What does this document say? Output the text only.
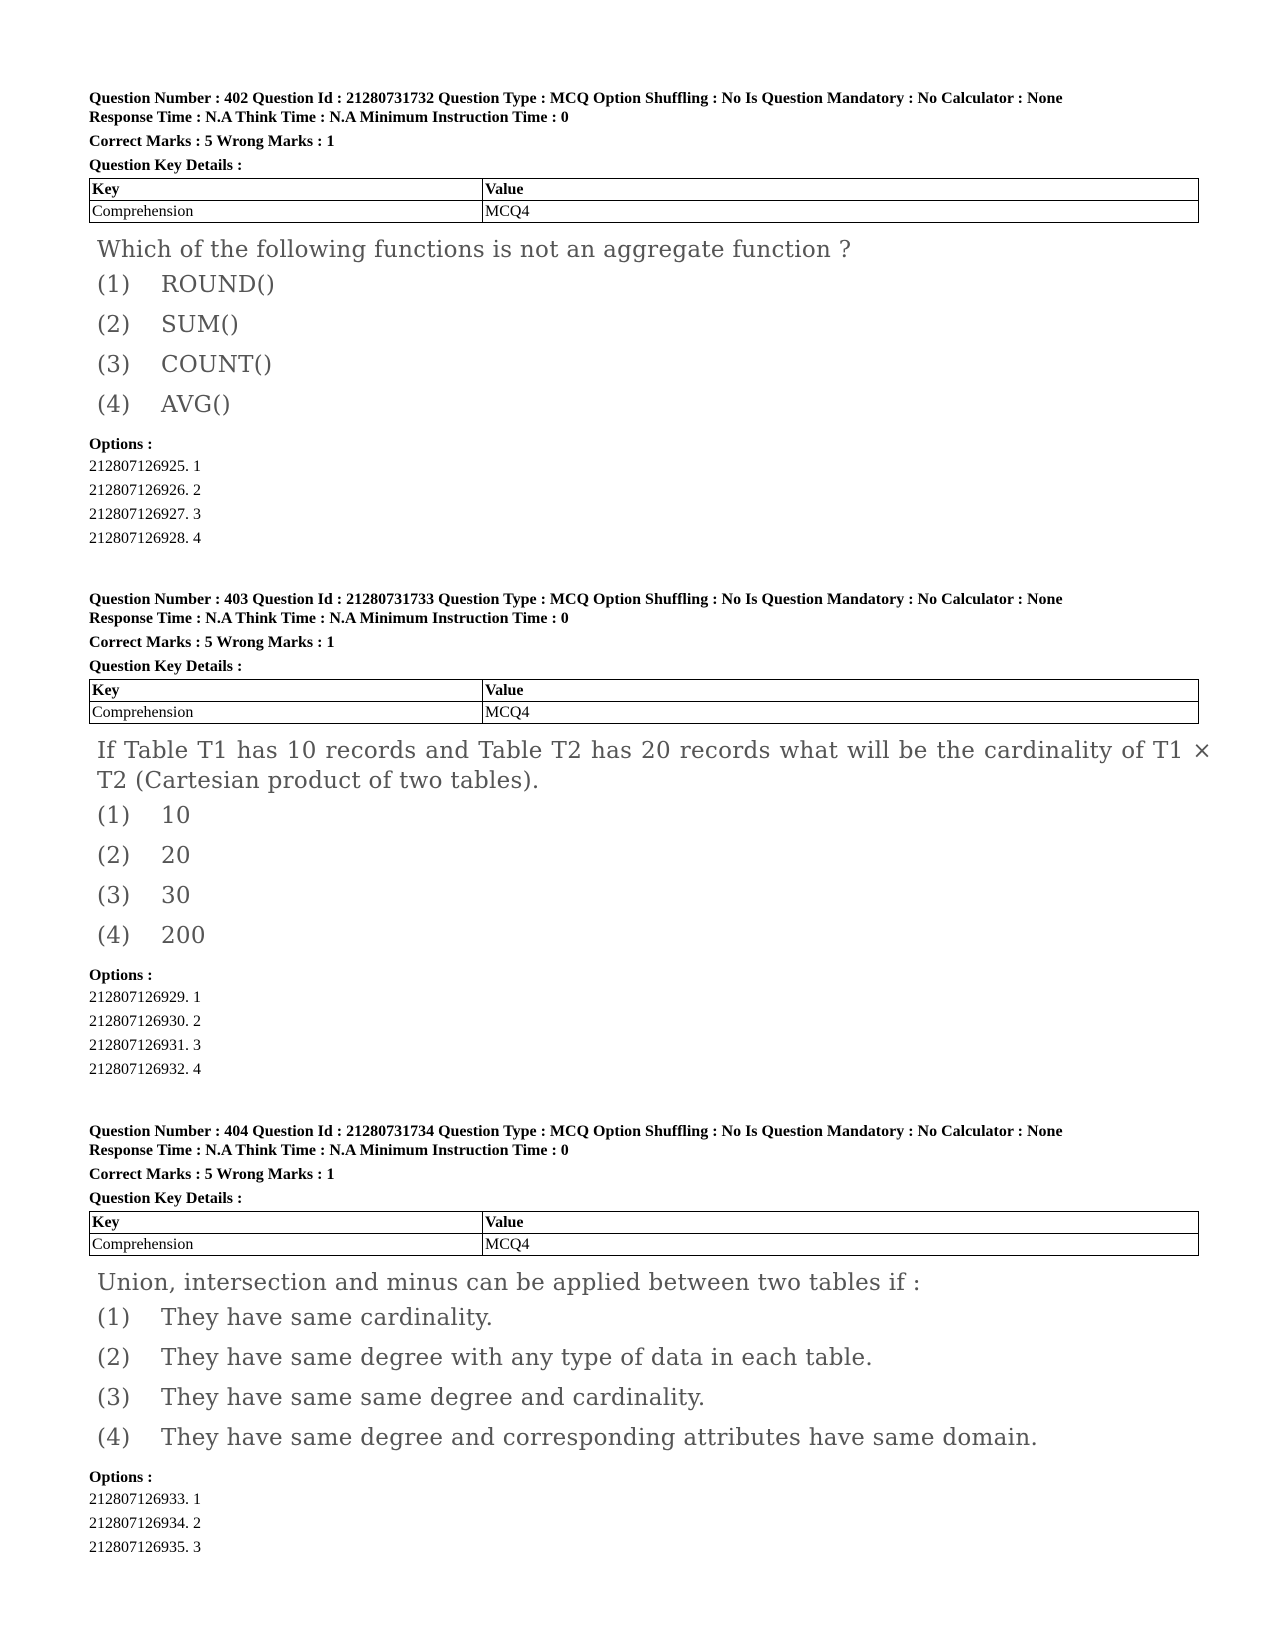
Question Number : 402 Question Id : 21280731732 Question Type : MCQ Option Shuffling : No Is Question Mandatory : No Calculator : None
Response Time : N.A Think Time : N.A Minimum Instruction Time : 0
Correct Marks : 5 Wrong Marks : 1
Question Key Details :
Key	Value
Comprehension	MCQ4
Which of the following functions is not an aggregate function ?
(1)	ROUND()
(2)	SUM()
(3)	COUNT()
(4)	AVG()
Options :
212807126925. 1
212807126926. 2
212807126927. 3
212807126928. 4
Question Number : 403 Question Id : 21280731733 Question Type : MCQ Option Shuffling : No Is Question Mandatory : No Calculator : None
Response Time : N.A Think Time : N.A Minimum Instruction Time : 0
Correct Marks : 5 Wrong Marks : 1
Question Key Details :
Key	Value
Comprehension	MCQ4
If Table T1 has 10 records and Table T2 has 20 records what will be the cardinality of T1 × T2 (Cartesian product of two tables).
(1)	10
(2)	20
(3)	30
(4)	200
Options :
212807126929. 1
212807126930. 2
212807126931. 3
212807126932. 4
Question Number : 404 Question Id : 21280731734 Question Type : MCQ Option Shuffling : No Is Question Mandatory : No Calculator : None
Response Time : N.A Think Time : N.A Minimum Instruction Time : 0
Correct Marks : 5 Wrong Marks : 1
Question Key Details :
Key	Value
Comprehension	MCQ4
Union, intersection and minus can be applied between two tables if :
(1)	They have same cardinality.
(2)	They have same degree with any type of data in each table.
(3)	They have same same degree and cardinality.
(4)	They have same degree and corresponding attributes have same domain.
Options :
212807126933. 1
212807126934. 2
212807126935. 3
